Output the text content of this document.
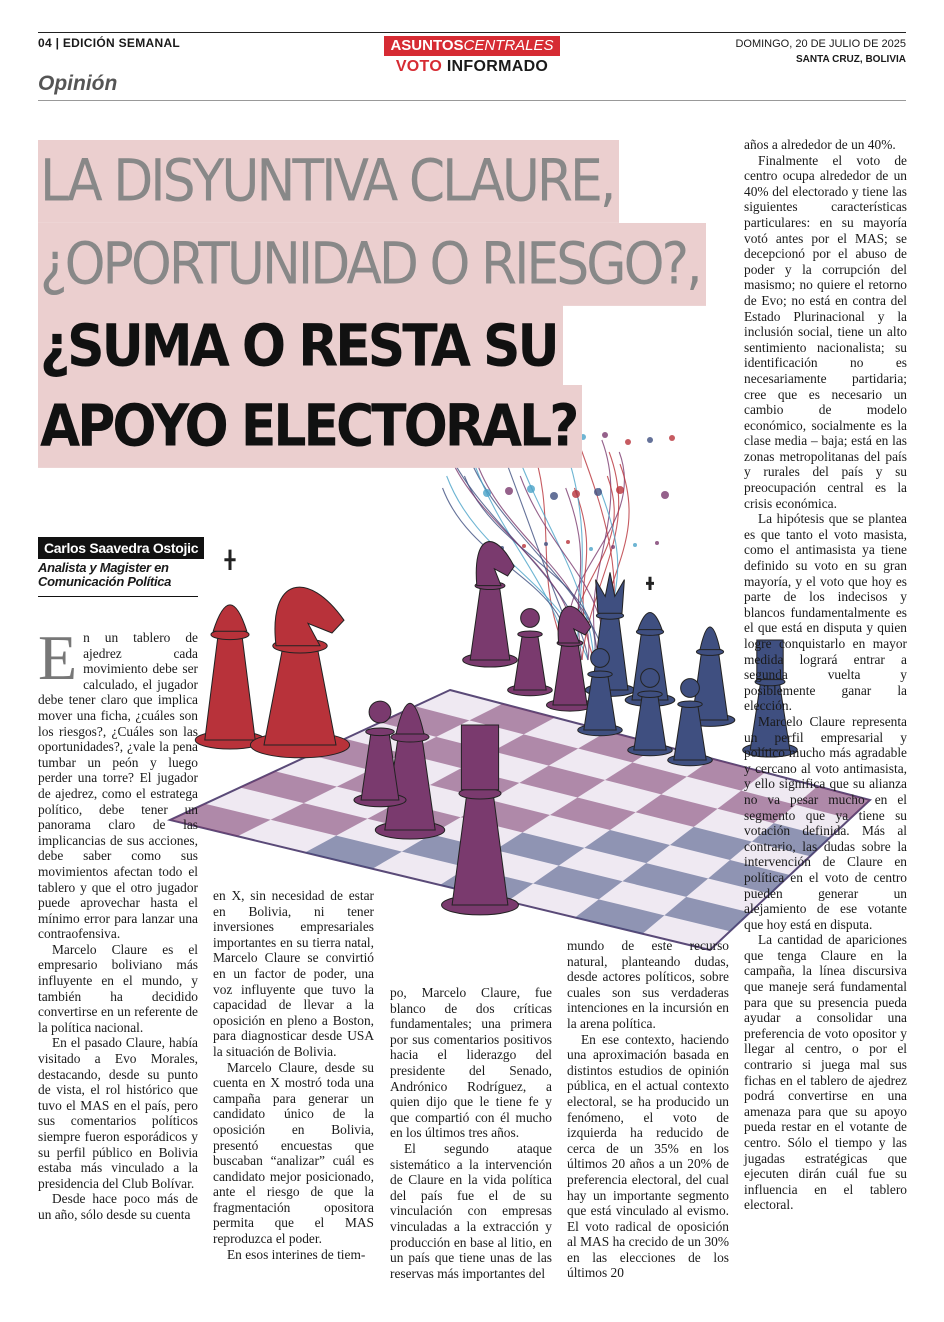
04 | EDICIÓN SEMANAL	ASUNTOSCENTRALES
VOTO INFORMADO
DOMINGO, 20 DE JULIO DE 2025
SANTA CRUZ, BOLIVIA
Opinión
LA DISYUNTIVA CLAURE,
¿OPORTUNIDAD O RIESGO?,
¿SUMA O RESTA SU
APOYO ELECTORAL?
Carlos Saavedra Ostojic
Analista y Magister en Comunicación Política

En un tablero de ajedrez cada movimiento debe ser calculado, el jugador debe tener claro que implica mover una ficha, ¿cuáles son los riesgos?, ¿Cuáles son las oportunidades?, ¿vale la pena tumbar un peón y luego perder una torre? El jugador de ajedrez, como el estratega político, debe tener un panorama claro de las implicancias de sus acciones, debe saber como sus movimientos afectan todo el tablero y que el otro jugador puede aprovechar hasta el mínimo error para lanzar una contraofensiva.

Marcelo Claure es el empresario boliviano más influyente en el mundo, y también ha decidido convertirse en un referente de la política nacional.

En el pasado Claure, había visitado a Evo Morales, destacando, desde su punto de vista, el rol histórico que tuvo el MAS en el país, pero sus comentarios políticos siempre fueron esporádicos y su perfil público en Bolivia estaba más vinculado a la presidencia del Club Bolívar.

Desde hace poco más de un año, sólo desde su cuenta

en X, sin necesidad de estar en Bolivia, ni tener inversiones empresariales importantes en su tierra natal, Marcelo Claure se convirtió en un factor de poder, una voz influyente que tuvo la capacidad de llevar a la oposición en pleno a Boston, para diagnosticar desde USA la situación de Bolivia.

Marcelo Claure, desde su cuenta en X mostró toda una campaña para generar un candidato único de la oposición en Bolivia, presentó encuestas que buscaban “analizar” cuál es candidato mejor posicionado, ante el riesgo de que la fragmentación opositora permita que el MAS reproduzca el poder.

En esos interines de tiem-

po, Marcelo Claure, fue blanco de dos críticas fundamentales; una primera por sus comentarios positivos hacia el liderazgo del presidente del Senado, Andrónico Rodríguez, a quien dijo que le tiene fe y que compartió con él mucho en los últimos tres años.

El segundo ataque sistemático a la intervención de Claure en la vida política del país fue el de su vinculación con empresas vinculadas a la extracción y producción en base al litio, en un país que tiene unas de las reservas más importantes del

mundo de este recurso natural, planteando dudas, desde actores políticos, sobre cuales son sus verdaderas intenciones en la incursión en la arena política.

En ese contexto, haciendo una aproximación basada en distintos estudios de opinión pública, en el actual contexto electoral, se ha producido un fenómeno, el voto de izquierda ha reducido de cerca de un 35% en los últimos 20 años a un 20% de preferencia electoral, del cual hay un importante segmento que está vinculado al evismo. El voto radical de oposición al MAS ha crecido de un 30% en las elecciones de los últimos 20

años a alrededor de un 40%.

Finalmente el voto de centro ocupa alrededor de un 40% del electorado y tiene las siguientes características particulares: en su mayoría votó antes por el MAS; se decepcionó por el abuso de poder y la corrupción del masismo; no quiere el retorno de Evo; no está en contra del Estado Plurinacional y la inclusión social, tiene un alto sentimiento nacionalista; su identificación no es necesariamente partidaria; cree que es necesario un cambio de modelo económico, socialmente es la clase media – baja; está en las zonas metropolitanas del país y rurales del país y su preocupación central es la crisis económica.

La hipótesis que se plantea es que tanto el voto masista, como el antimasista ya tiene definido su voto en su gran mayoría, y el voto que hoy es parte de los indecisos y blancos fundamentalmente es el que está en disputa y quien logre conquistarlo en mayor medida logrará entrar a segunda vuelta y posiblemente ganar la elección.

Marcelo Claure representa un perfil empresarial y político mucho más agradable y cercano al voto antimasista, y ello significa que su alianza no va pesar mucho en el segmento que ya tiene su votación definida. Más al contrario, las dudas sobre la intervención de Claure en política en el voto de centro pueden generar un alejamiento de ese votante que hoy está en disputa.

La cantidad de apariciones que tenga Claure en la campaña, la línea discursiva que maneje será fundamental para que su presencia pueda ayudar a consolidar una preferencia de voto opositor y llegar al centro, o por el contrario si juega mal sus fichas en el tablero de ajedrez podrá convertirse en una amenaza para que su apoyo pueda restar en el votante de centro. Sólo el tiempo y las jugadas estratégicas que ejecuten dirán cuál fue su influencia en el tablero electoral.
